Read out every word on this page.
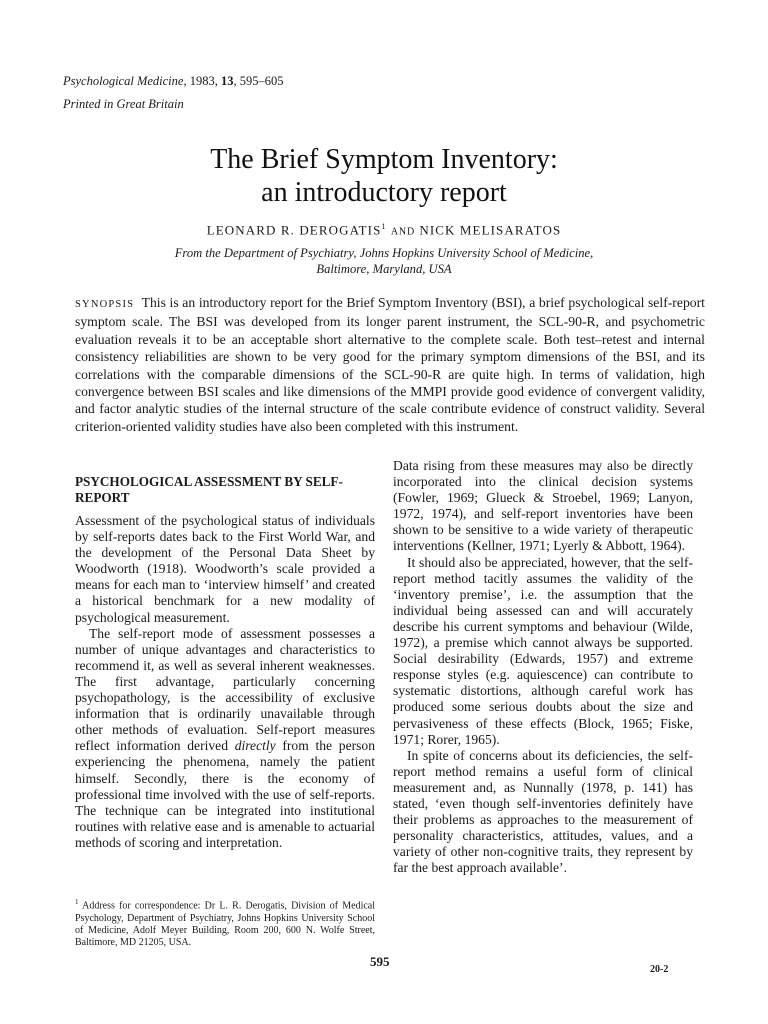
Psychological Medicine, 1983, 13, 595–605
Printed in Great Britain
The Brief Symptom Inventory:
an introductory report
LEONARD R. DEROGATIS$^1$ AND NICK MELISARATOS
From the Department of Psychiatry, Johns Hopkins University School of Medicine,
Baltimore, Maryland, USA

SYNOPSIS This is an introductory report for the Brief Symptom Inventory (BSI), a brief psychological self-report symptom scale. The BSI was developed from its longer parent instrument, the SCL-90-R, and psychometric evaluation reveals it to be an acceptable short alternative to the complete scale. Both test–retest and internal consistency reliabilities are shown to be very good for the primary symptom dimensions of the BSI, and its correlations with the comparable dimensions of the SCL-90-R are quite high. In terms of validation, high convergence between BSI scales and like dimensions of the MMPI provide good evidence of convergent validity, and factor analytic studies of the internal structure of the scale contribute evidence of construct validity. Several criterion-oriented validity studies have also been completed with this instrument.

PSYCHOLOGICAL ASSESSMENT BY SELF-REPORT

Assessment of the psychological status of individuals by self-reports dates back to the First World War, and the development of the Personal Data Sheet by Woodworth (1918). Woodworth’s scale provided a means for each man to ‘interview himself’ and created a historical benchmark for a new modality of psychological measurement.

The self-report mode of assessment possesses a number of unique advantages and characteristics to recommend it, as well as several inherent weaknesses. The first advantage, particularly concerning psychopathology, is the accessibility of exclusive information that is ordinarily unavailable through other methods of evaluation. Self-report measures reflect information derived directly from the person experiencing the phenomena, namely the patient himself. Secondly, there is the economy of professional time involved with the use of self-reports. The technique can be integrated into institutional routines with relative ease and is amenable to actuarial methods of scoring and interpretation.

Data rising from these measures may also be directly incorporated into the clinical decision systems (Fowler, 1969; Glueck & Stroebel, 1969; Lanyon, 1972, 1974), and self-report inventories have been shown to be sensitive to a wide variety of therapeutic interventions (Kellner, 1971; Lyerly & Abbott, 1964).

It should also be appreciated, however, that the self-report method tacitly assumes the validity of the ‘inventory premise’, i.e. the assumption that the individual being assessed can and will accurately describe his current symptoms and behaviour (Wilde, 1972), a premise which cannot always be supported. Social desirability (Edwards, 1957) and extreme response styles (e.g. aquiescence) can contribute to systematic distortions, although careful work has produced some serious doubts about the size and pervasiveness of these effects (Block, 1965; Fiske, 1971; Rorer, 1965).

In spite of concerns about its deficiencies, the self-report method remains a useful form of clinical measurement and, as Nunnally (1978, p. 141) has stated, ‘even though self-inventories definitely have their problems as approaches to the measurement of personality characteristics, attitudes, values, and a variety of other non-cognitive traits, they represent by far the best approach available’.

$^1$ Address for correspondence: Dr L. R. Derogatis, Division of Medical Psychology, Department of Psychiatry, Johns Hopkins University School of Medicine, Adolf Meyer Building, Room 200, 600 N. Wolfe Street, Baltimore, MD 21205, USA.
595
20-2
